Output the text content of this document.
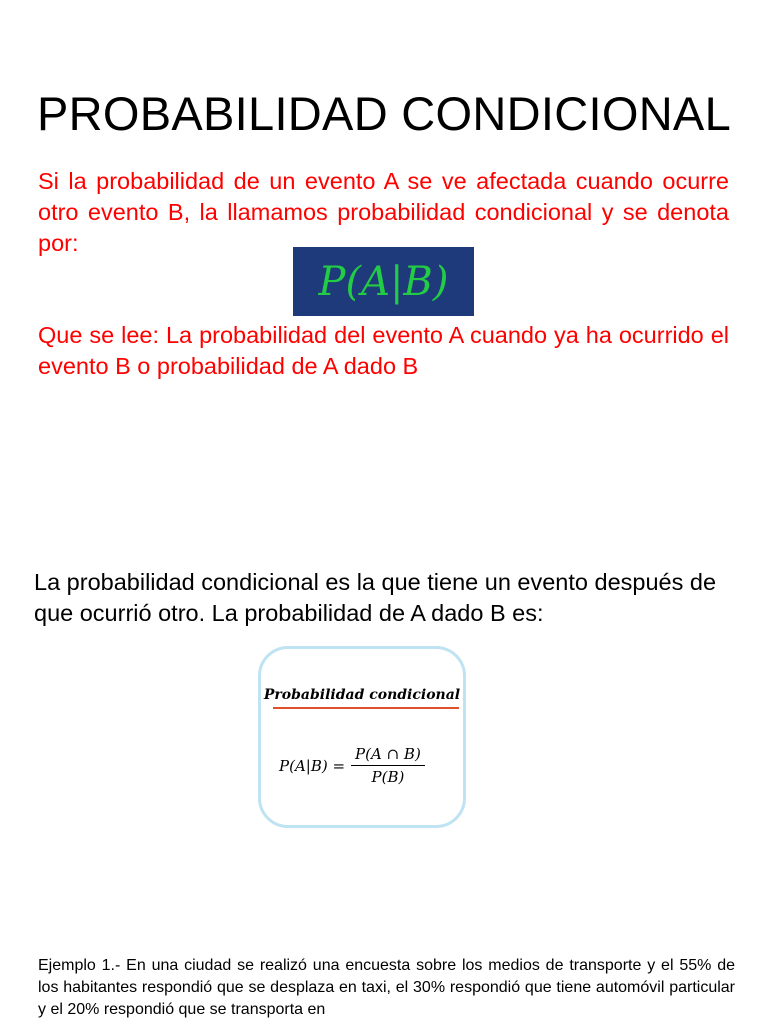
PROBABILIDAD CONDICIONAL
Si la probabilidad de un evento A se ve afectada cuando ocurre otro evento B, la llamamos probabilidad condicional y se denota por:
P(A|B)
Que se lee: La probabilidad del evento A cuando ya ha ocurrido el evento B o probabilidad de A dado B
La probabilidad condicional es la que tiene un evento después de que ocurrió otro. La probabilidad de A dado B es:
Probabilidad condicional
$P(A|B) = \frac{P(A \cap B)}{P(B)}$
Ejemplo 1.- En una ciudad se realizó una encuesta sobre los medios de transporte y el 55% de los habitantes respondió que se desplaza en taxi, el 30% respondió que tiene automóvil particular y el 20% respondió que se transporta en
